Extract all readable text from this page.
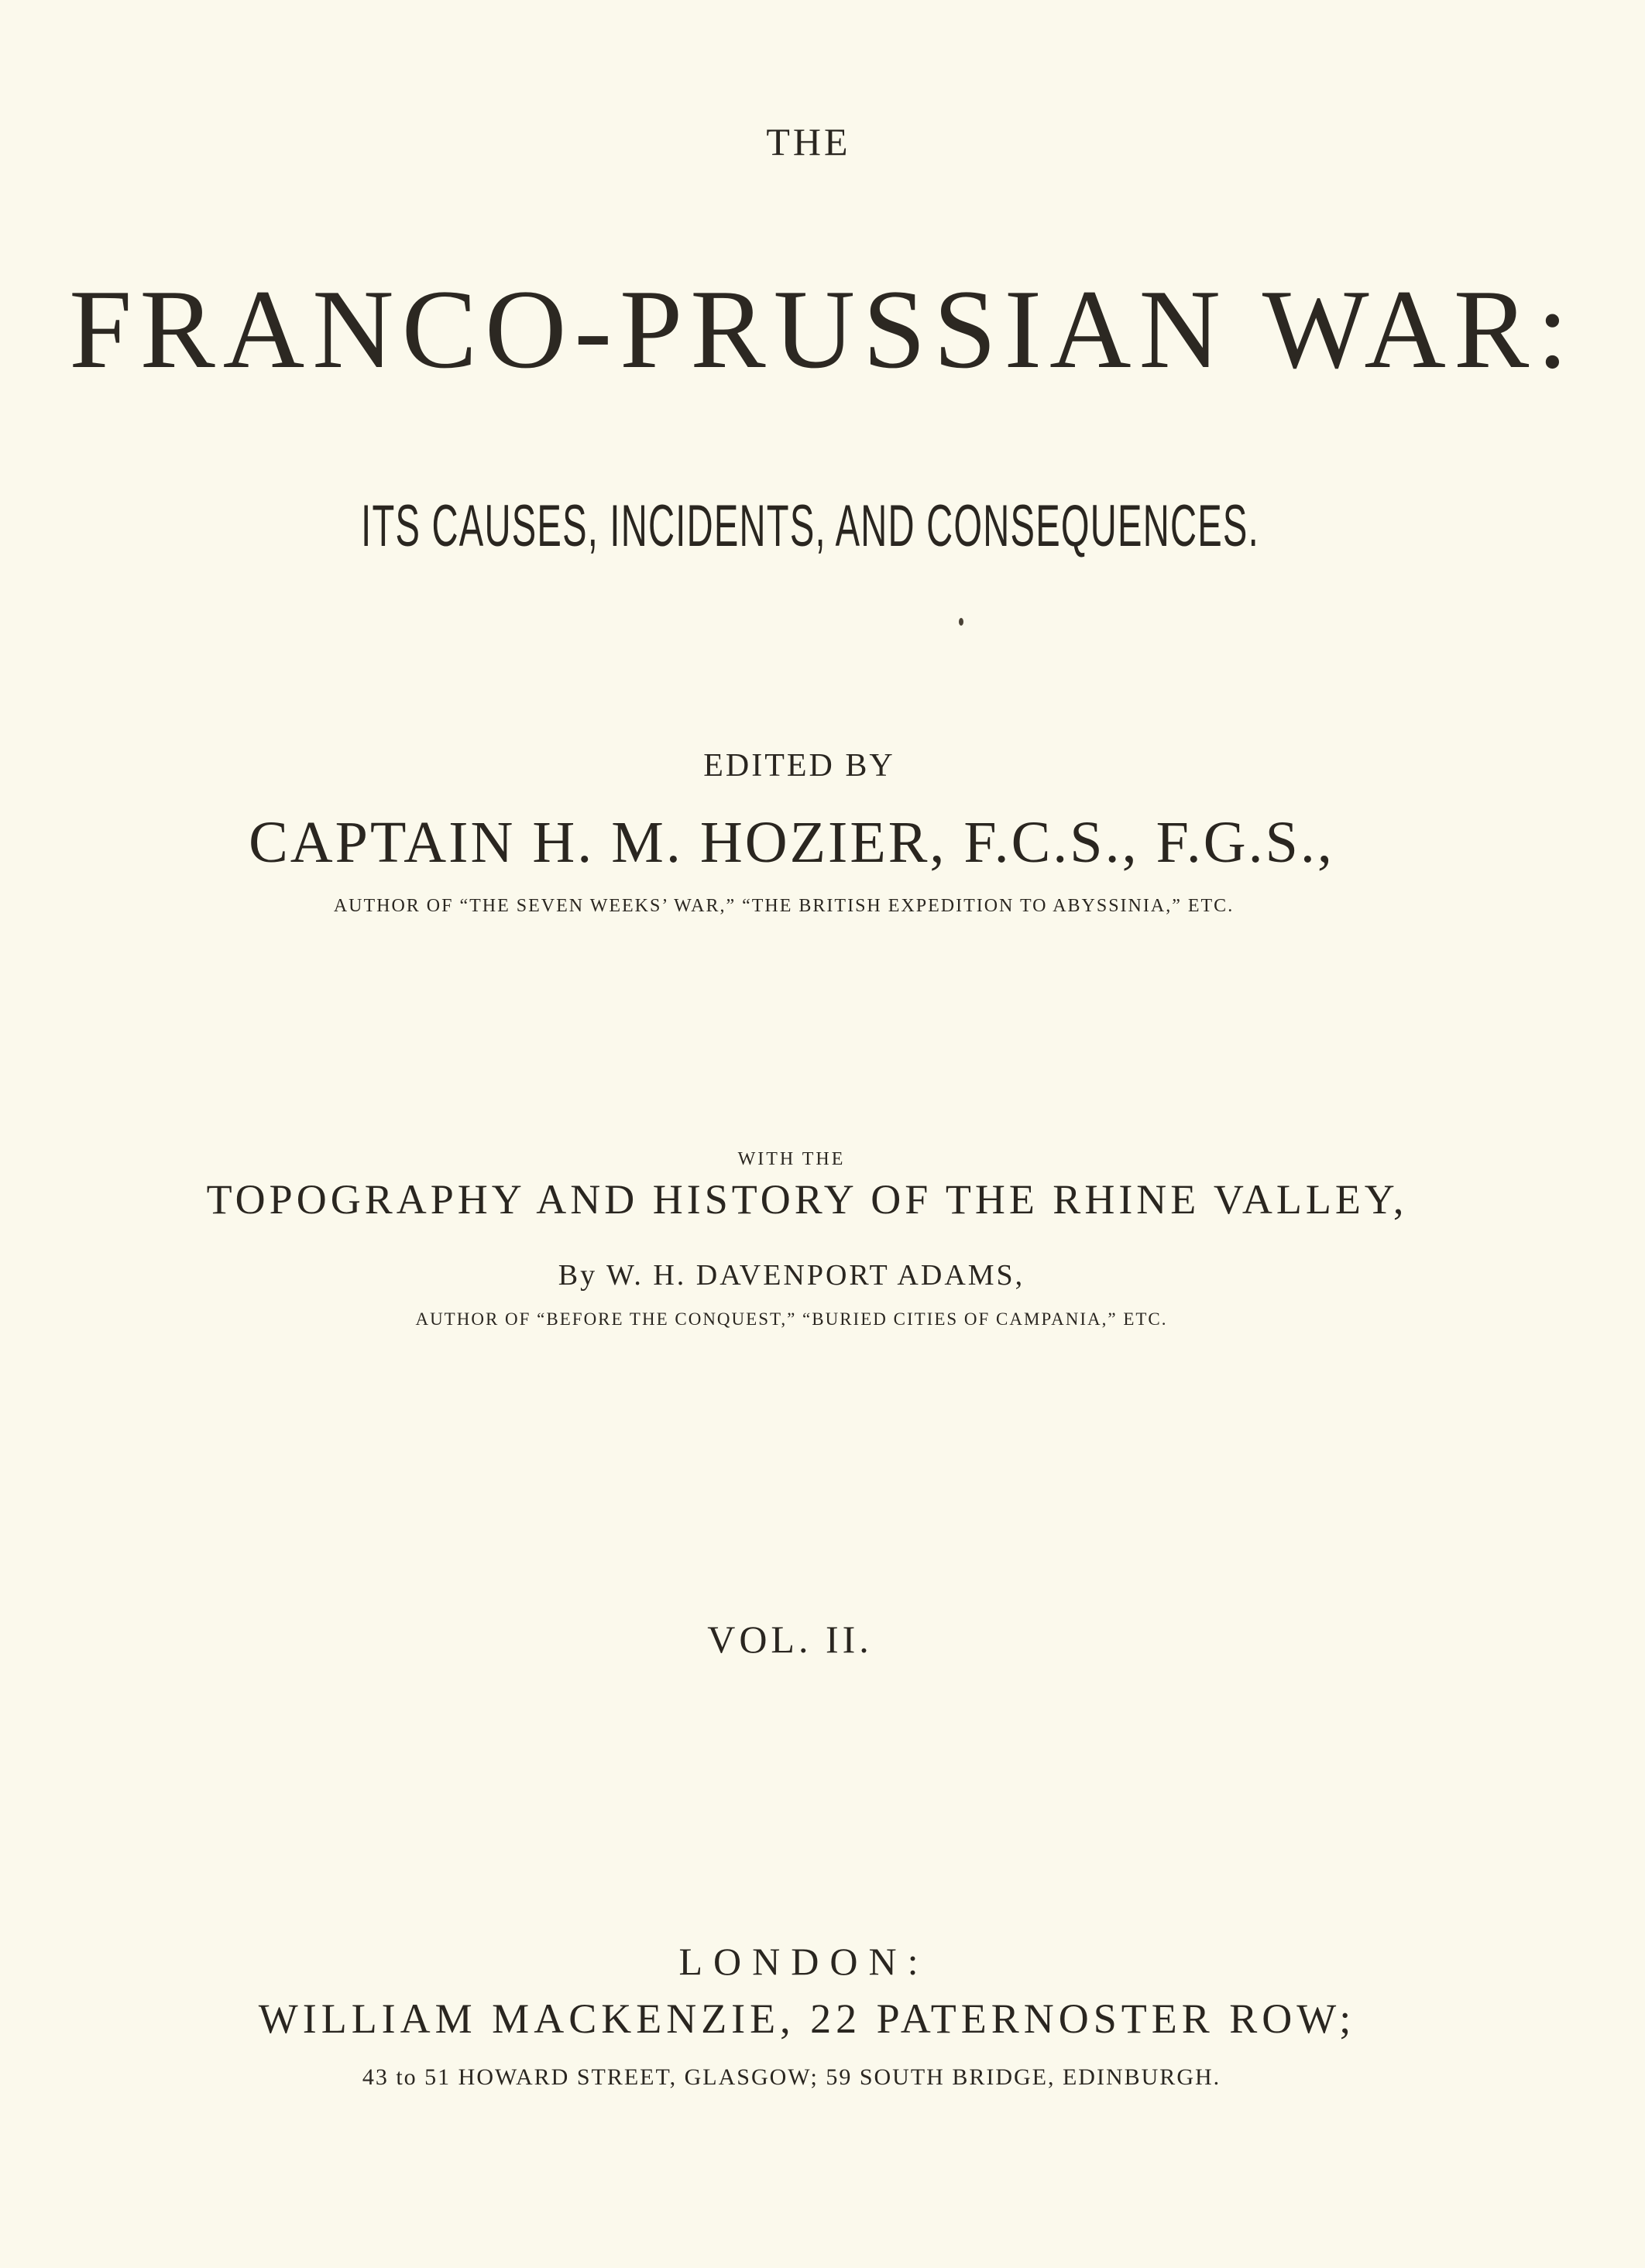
THE
FRANCO-PRUSSIAN WAR:
ITS CAUSES, INCIDENTS, AND CONSEQUENCES.
EDITED BY
CAPTAIN H. M. HOZIER, F.C.S., F.G.S.,
AUTHOR OF “THE SEVEN WEEKS’ WAR,” “THE BRITISH EXPEDITION TO ABYSSINIA,” ETC.
WITH THE
TOPOGRAPHY AND HISTORY OF THE RHINE VALLEY,
By W. H. DAVENPORT ADAMS,
AUTHOR OF “BEFORE THE CONQUEST,” “BURIED CITIES OF CAMPANIA,” ETC.
VOL. II.
LONDON:
WILLIAM MACKENZIE, 22 PATERNOSTER ROW;
43 to 51 HOWARD STREET, GLASGOW; 59 SOUTH BRIDGE, EDINBURGH.
